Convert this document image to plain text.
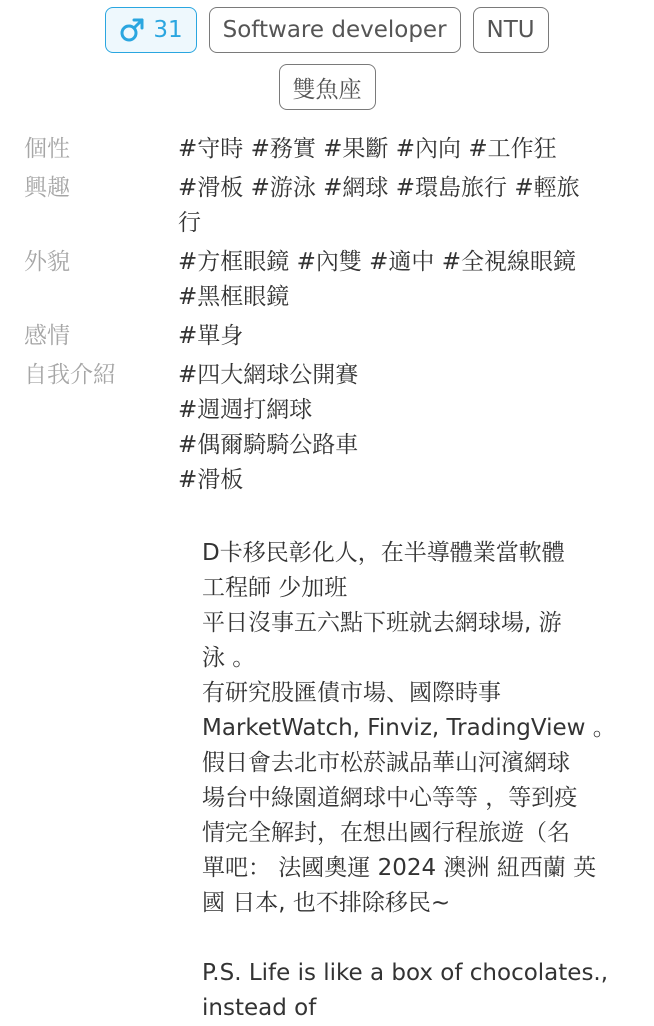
31	Software developer	NTU
雙魚座
個性	#守時 #務實 #果斷 #內向 #工作狂
興趣	#滑板 #游泳 #網球 #環島旅行 #輕旅
行
外貌	#方框眼鏡 #內雙 #適中 #全視線眼鏡
#黑框眼鏡
感情	#單身
自我介紹	#四大網球公開賽
#週週打網球
#偶爾騎騎公路車
#滑板
D卡移民彰化人，在半導體業當軟體
工程師 少加班
平日沒事五六點下班就去網球場, 游
泳 。
有研究股匯債市場、國際時事
MarketWatch, Finviz, TradingView 。
假日會去北市松菸誠品華山河濱網球
場台中綠園道網球中心等等 ，等到疫
情完全解封，在想出國行程旅遊（名
單吧： 法國奧運 2024 澳洲 紐西蘭 英
國 日本, 也不排除移民~
P.S. Life is like a box of chocolates.,
instead of
